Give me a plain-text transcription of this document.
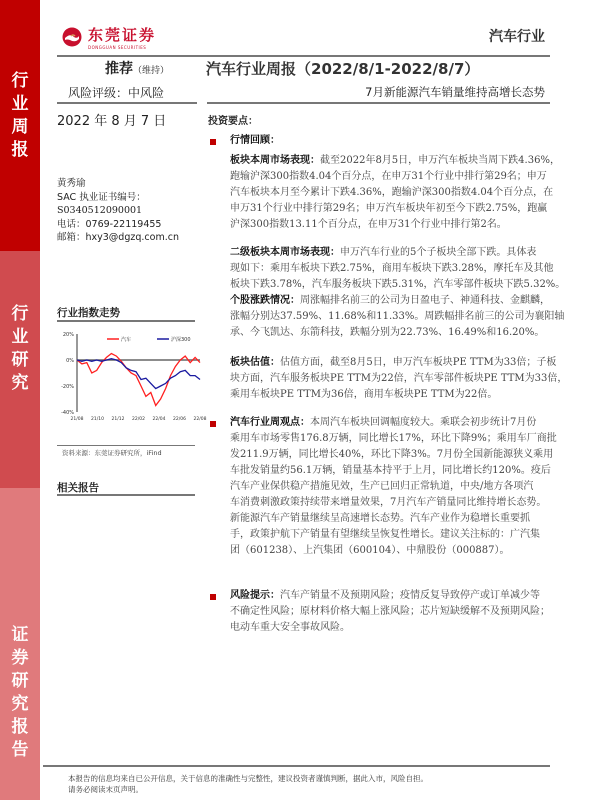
行业周报
行业研究
证券研究报告
东莞证券
DONGGUAN SECURITIES
汽车行业
推荐（维持） 汽车行业周报（2022/8/1-2022/8/7）
风险评级：中风险	7月新能源汽车销量维持高增长态势
2022 年 8 月 7 日	投资要点：
黄秀瑜
SAC 执业证书编号：
S0340512090001
电话：0769-22119455
邮箱：hxy3@dgzq.com.cn
行业指数走势
20%
0%
-20%
-40%
21/08 21/10 21/12 22/02 22/04 22/06 22/08
汽车	沪深300
资料来源：东莞证券研究所，iFind
相关报告
行情回顾：
板块本周市场表现：截至2022年8月5日，申万汽车板块当周下跌4.36%，
跑输沪深300指数4.04个百分点，在申万31个行业中排行第29名；申万
汽车板块本月至今累计下跌4.36%，跑输沪深300指数4.04个百分点，在
申万31个行业中排行第29名；申万汽车板块年初至今下跌2.75%，跑赢
沪深300指数13.11个百分点，在申万31个行业中排行第2名。
二级板块本周市场表现：申万汽车行业的5个子板块全部下跌。具体表
现如下：乘用车板块下跌2.75%，商用车板块下跌3.28%，摩托车及其他
板块下跌3.78%，汽车服务板块下跌5.31%，汽车零部件板块下跌5.32%。
个股涨跌情况：周涨幅排名前三的公司为日盈电子、神通科技、金麒麟，
涨幅分别达37.59%、11.68%和11.33%。周跌幅排名前三的公司为襄阳轴
承、今飞凯达、东箭科技，跌幅分别为22.73%、16.49%和16.20%。
板块估值：估值方面，截至8月5日，申万汽车板块PE TTM为33倍；子板
块方面，汽车服务板块PE TTM为22倍，汽车零部件板块PE TTM为33倍，
乘用车板块PE TTM为36倍，商用车板块PE TTM为22倍。
汽车行业周观点：本周汽车板块回调幅度较大。乘联会初步统计7月份
乘用车市场零售176.8万辆，同比增长17%，环比下降9%；乘用车厂商批
发211.9万辆，同比增长40%，环比下降3%。7月份全国新能源狭义乘用
车批发销量约56.1万辆，销量基本持平于上月，同比增长约120%。疫后
汽车产业保供稳产措施见效，生产已回归正常轨道，中央/地方各项汽
车消费刺激政策持续带来增量效果，7月汽车产销量同比维持增长态势。
新能源汽车产销量继续呈高速增长态势。汽车产业作为稳增长重要抓
手，政策护航下产销量有望继续呈恢复性增长。建议关注标的：广汽集
团（601238）、上汽集团（600104）、中鼎股份（000887）。
风险提示：汽车产销量不及预期风险；疫情反复导致停产或订单减少等
不确定性风险；原材料价格大幅上涨风险；芯片短缺缓解不及预期风险；
电动车重大安全事故风险。
本报告的信息均来自已公开信息，关于信息的准确性与完整性，建议投资者谨慎判断，据此入市，风险自担。
请务必阅读末页声明。
